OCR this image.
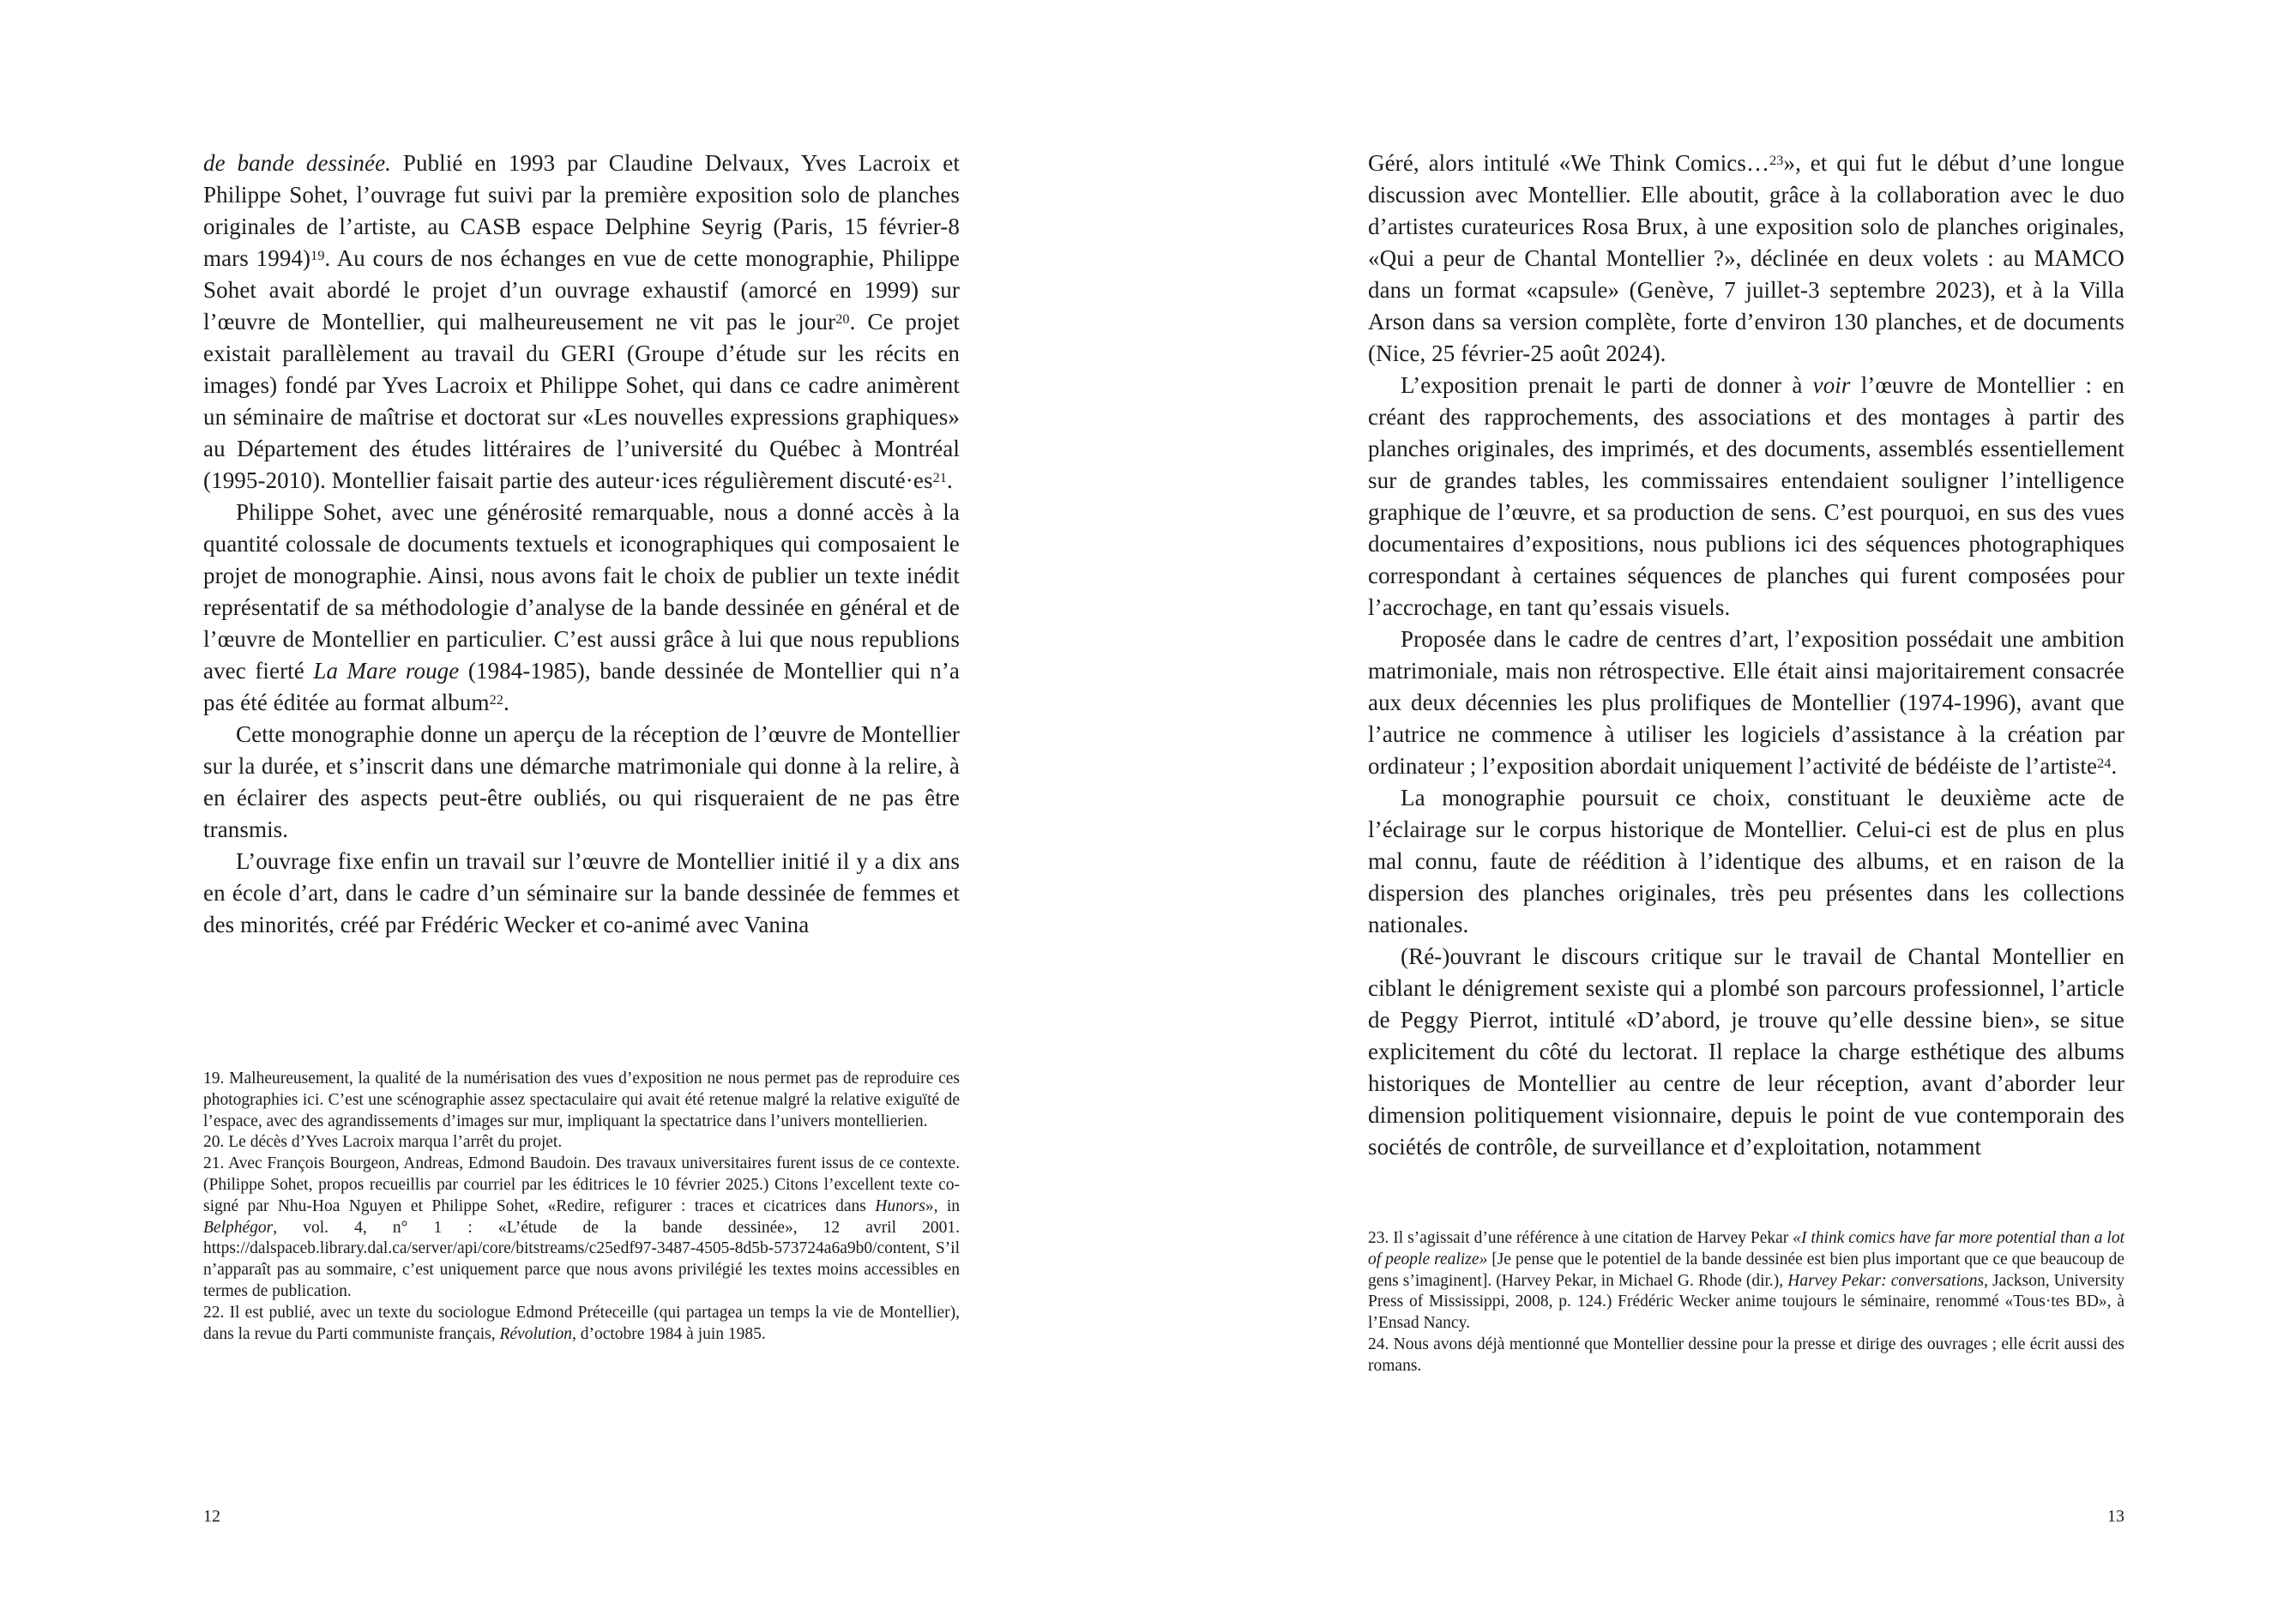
de bande dessinée. Publié en 1993 par Claudine Delvaux, Yves Lacroix et Philippe Sohet, l’ouvrage fut suivi par la première exposition solo de planches originales de l’artiste, au CASB espace Delphine Seyrig (Paris, 15 février-8 mars 1994)$^{19}$. Au cours de nos échanges en vue de cette monographie, Philippe Sohet avait abordé le projet d’un ouvrage exhaustif (amorcé en 1999) sur l’œuvre de Montellier, qui malheureusement ne vit pas le jour$^{20}$. Ce projet existait parallèlement au travail du GERI (Groupe d’étude sur les récits en images) fondé par Yves Lacroix et Philippe Sohet, qui dans ce cadre animèrent un séminaire de maîtrise et doctorat sur «Les nouvelles expressions graphiques» au Département des études littéraires de l’université du Québec à Montréal (1995-2010). Montellier faisait partie des auteur·ices régulièrement $discuté\cdot es^{21}$.

Philippe Sohet, avec une générosité remarquable, nous a donné accès à la quantité colossale de documents textuels et iconographiques qui composaient le projet de monographie. Ainsi, nous avons fait le choix de publier un texte inédit représentatif de sa méthodologie d’analyse de la bande dessinée en général et de l’œuvre de Montellier en particulier. C’est aussi grâce à lui que nous republions avec fierté La Mare rouge (1984-1985), bande dessinée de Montellier qui n’a pas été éditée au format album$^{22}$.

Cette monographie donne un aperçu de la réception de l’œuvre de Montellier sur la durée, et s’inscrit dans une démarche matrimoniale qui donne à la relire, à en éclairer des aspects peut-être oubliés, ou qui risqueraient de ne pas être transmis.

L’ouvrage fixe enfin un travail sur l’œuvre de Montellier initié il y a dix ans en école d’art, dans le cadre d’un séminaire sur la bande dessinée de femmes et des minorités, créé par Frédéric Wecker et co-animé avec Vanina

19. Malheureusement, la qualité de la numérisation des vues d’exposition ne nous permet pas de reproduire ces photographies ici. C’est une scénographie assez spectaculaire qui avait été retenue malgré la relative exiguïté de l’espace, avec des agrandissements d’images sur mur, impliquant la spectatrice dans l’univers montellierien.

20. Le décès d’Yves Lacroix marqua l’arrêt du projet.

21. Avec François Bourgeon, Andreas, Edmond Baudoin. Des travaux universitaires furent issus de ce contexte. (Philippe Sohet, propos recueillis par courriel par les éditrices le 10 février 2025.) Citons l’excellent texte co-signé par Nhu-Hoa Nguyen et Philippe Sohet, «Redire, refigurer : traces et cicatrices dans Hunors», in Belphégor, vol. 4, n° 1 : «L’étude de la bande dessinée», 12 avril 2001. https://dalspaceb.library.dal.ca/server/api/core/bitstreams/c25edf97-3487-4505-8d5b-573724a6a9b0/content, S’il n’apparaît pas au sommaire, c’est uniquement parce que nous avons privilégié les textes moins accessibles en termes de publication.

22. Il est publié, avec un texte du sociologue Edmond Préteceille (qui partagea un temps la vie de Montellier), dans la revue du Parti communiste français, Révolution, d’octobre 1984 à juin 1985.

12

Géré, alors intitulé «We Think Comics…$^{23}$», et qui fut le début d’une longue discussion avec Montellier. Elle aboutit, grâce à la collaboration avec le duo d’artistes curateurices Rosa Brux, à une exposition solo de planches originales, «Qui a peur de Chantal Montellier ?», déclinée en deux volets : au MAMCO dans un format «capsule» (Genève, 7 juillet-3 septembre 2023), et à la Villa Arson dans sa version complète, forte d’environ 130 planches, et de documents (Nice, 25 février-25 août 2024).

L’exposition prenait le parti de donner à voir l’œuvre de Montellier : en créant des rapprochements, des associations et des montages à partir des planches originales, des imprimés, et des documents, assemblés essentiellement sur de grandes tables, les commissaires entendaient souligner l’intelligence graphique de l’œuvre, et sa production de sens. C’est pourquoi, en sus des vues documentaires d’expositions, nous publions ici des séquences photographiques correspondant à certaines séquences de planches qui furent composées pour l’accrochage, en tant qu’essais visuels.

Proposée dans le cadre de centres d’art, l’exposition possédait une ambition matrimoniale, mais non rétrospective. Elle était ainsi majoritairement consacrée aux deux décennies les plus prolifiques de Montellier (1974-1996), avant que l’autrice ne commence à utiliser les logiciels d’assistance à la création par ordinateur ; l’exposition abordait uniquement l’activité de bédéiste de l’artiste$^{24}$.

La monographie poursuit ce choix, constituant le deuxième acte de l’éclairage sur le corpus historique de Montellier. Celui-ci est de plus en plus mal connu, faute de réédition à l’identique des albums, et en raison de la dispersion des planches originales, très peu présentes dans les collections nationales.

(Ré-)ouvrant le discours critique sur le travail de Chantal Montellier en ciblant le dénigrement sexiste qui a plombé son parcours professionnel, l’article de Peggy Pierrot, intitulé «D’abord, je trouve qu’elle dessine bien», se situe explicitement du côté du lectorat. Il replace la charge esthétique des albums historiques de Montellier au centre de leur réception, avant d’aborder leur dimension politiquement visionnaire, depuis le point de vue contemporain des sociétés de contrôle, de surveillance et d’exploitation, notamment

23. Il s’agissait d’une référence à une citation de Harvey Pekar «I think comics have far more potential than a lot of people realize» [Je pense que le potentiel de la bande dessinée est bien plus important que ce que beaucoup de gens s’imaginent]. (Harvey Pekar, in Michael G. Rhode (dir.), Harvey Pekar: conversations, Jackson, University Press of Mississippi, 2008, p. 124.) Frédéric Wecker anime toujours le séminaire, renommé «Tous·tes BD», à l’Ensad Nancy.

24. Nous avons déjà mentionné que Montellier dessine pour la presse et dirige des ouvrages ; elle écrit aussi des romans.

13
